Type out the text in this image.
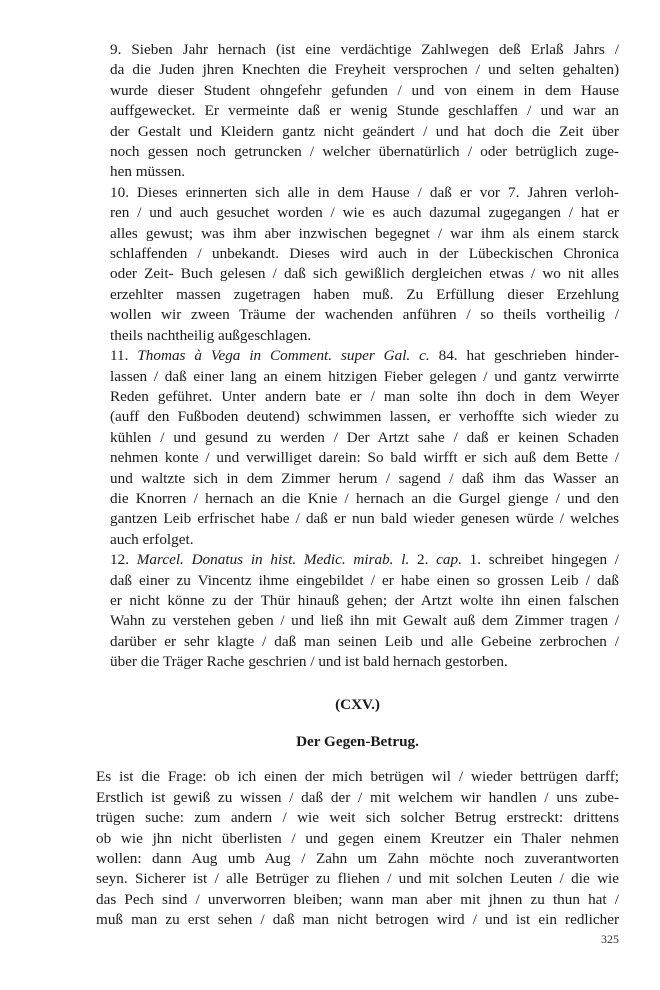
9. Sieben Jahr hernach (ist eine verdächtige Zahlwegen deß Erlaß Jahrs /
da die Juden jhren Knechten die Freyheit versprochen / und selten gehalten)
wurde dieser Student ohngefehr gefunden / und von einem in dem Hause
auffgewecket. Er vermeinte daß er wenig Stunde geschlaffen / und war an
der Gestalt und Kleidern gantz nicht geändert / und hat doch die Zeit über
noch gessen noch getruncken / welcher übernatürlich / oder betrüglich zuge-
hen müssen.
10. Dieses erinnerten sich alle in dem Hause / daß er vor 7. Jahren verloh-
ren / und auch gesuchet worden / wie es auch dazumal zugegangen / hat er
alles gewust; was ihm aber inzwischen begegnet / war ihm als einem starck
schlaffenden / unbekandt. Dieses wird auch in der Lübeckischen Chronica
oder Zeit- Buch gelesen / daß sich gewißlich dergleichen etwas / wo nit alles
erzehlter massen zugetragen haben muß. Zu Erfüllung dieser Erzehlung
wollen wir zween Träume der wachenden anführen / so theils vortheilig /
theils nachtheilig außgeschlagen.
11. Thomas à Vega in Comment. super Gal. c. 84. hat geschrieben hinder-
lassen / daß einer lang an einem hitzigen Fieber gelegen / und gantz verwirrte
Reden geführet. Unter andern bate er / man solte ihn doch in dem Weyer
(auff den Fußboden deutend) schwimmen lassen, er verhoffte sich wieder zu
kühlen / und gesund zu werden / Der Artzt sahe / daß er keinen Schaden
nehmen konte / und verwilliget darein: So bald wirfft er sich auß dem Bette /
und waltzte sich in dem Zimmer herum / sagend / daß ihm das Wasser an
die Knorren / hernach an die Knie / hernach an die Gurgel gienge / und den
gantzen Leib erfrischet habe / daß er nun bald wieder genesen würde / welches
auch erfolget.
12. Marcel. Donatus in hist. Medic. mirab. l. 2. cap. 1. schreibet hingegen /
daß einer zu Vincentz ihme eingebildet / er habe einen so grossen Leib / daß
er nicht könne zu der Thür hinauß gehen; der Artzt wolte ihn einen falschen
Wahn zu verstehen geben / und ließ ihn mit Gewalt auß dem Zimmer tragen /
darüber er sehr klagte / daß man seinen Leib und alle Gebeine zerbrochen /
über die Träger Rache geschrien / und ist bald hernach gestorben.

(CXV.)

Der Gegen-Betrug.

Es ist die Frage: ob ich einen der mich betrügen wil / wieder bettrügen darff;
Erstlich ist gewiß zu wissen / daß der / mit welchem wir handlen / uns zube-
trügen suche: zum andern / wie weit sich solcher Betrug erstreckt: drittens
ob wie jhn nicht überlisten / und gegen einem Kreutzer ein Thaler nehmen
wollen: dann Aug umb Aug / Zahn um Zahn möchte noch zuverantworten
seyn. Sicherer ist / alle Betrüger zu fliehen / und mit solchen Leuten / die wie
das Pech sind / unverworren bleiben; wann man aber mit jhnen zu thun hat /
muß man zu erst sehen / daß man nicht betrogen wird / und ist ein redlicher
325
